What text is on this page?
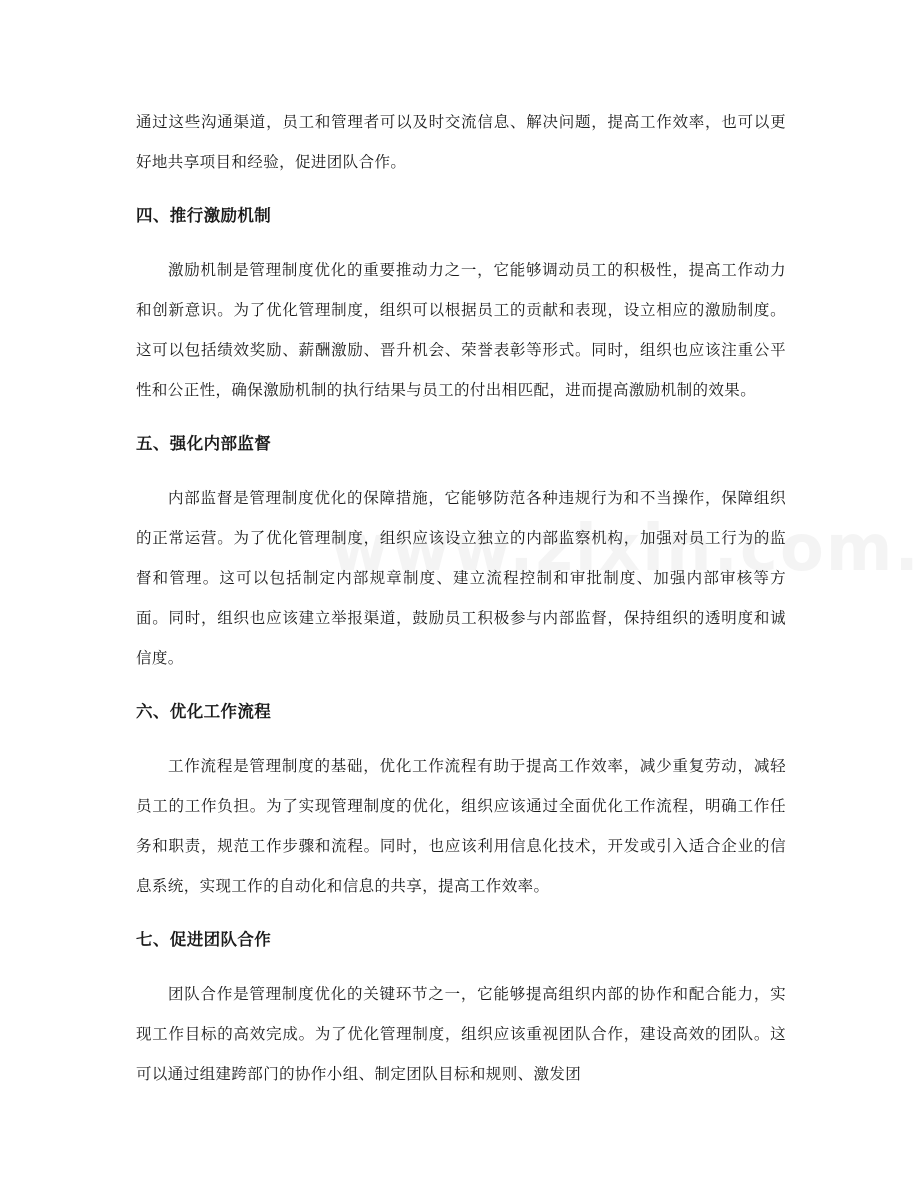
通过这些沟通渠道，员工和管理者可以及时交流信息、解决问题，提高工作效率，也可以更好地共享项目和经验，促进团队合作。

四、推行激励机制

激励机制是管理制度优化的重要推动力之一，它能够调动员工的积极性，提高工作动力和创新意识。为了优化管理制度，组织可以根据员工的贡献和表现，设立相应的激励制度。这可以包括绩效奖励、薪酬激励、晋升机会、荣誉表彰等形式。同时，组织也应该注重公平性和公正性，确保激励机制的执行结果与员工的付出相匹配，进而提高激励机制的效果。

五、强化内部监督

内部监督是管理制度优化的保障措施，它能够防范各种违规行为和不当操作，保障组织的正常运营。为了优化管理制度，组织应该设立独立的内部监察机构，加强对员工行为的监督和管理。这可以包括制定内部规章制度、建立流程控制和审批制度、加强内部审核等方面。同时，组织也应该建立举报渠道，鼓励员工积极参与内部监督，保持组织的透明度和诚信度。

六、优化工作流程

工作流程是管理制度的基础，优化工作流程有助于提高工作效率，减少重复劳动，减轻员工的工作负担。为了实现管理制度的优化，组织应该通过全面优化工作流程，明确工作任务和职责，规范工作步骤和流程。同时，也应该利用信息化技术，开发或引入适合企业的信息系统，实现工作的自动化和信息的共享，提高工作效率。

七、促进团队合作

团队合作是管理制度优化的关键环节之一，它能够提高组织内部的协作和配合能力，实现工作目标的高效完成。为了优化管理制度，组织应该重视团队合作，建设高效的团队。这可以通过组建跨部门的协作小组、制定团队目标和规则、激发团
